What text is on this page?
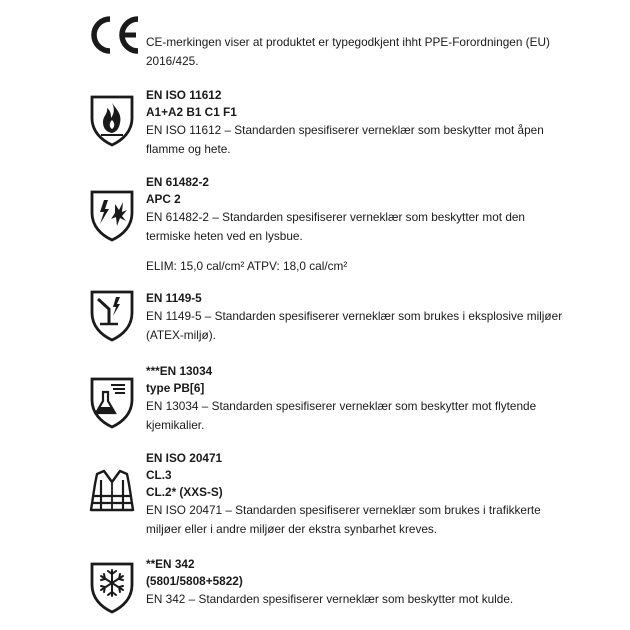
CE-merkingen viser at produktet er typegodkjent ihht PPE-Forordningen (EU) 2016/425.
EN ISO 11612
A1+A2 B1 C1 F1
EN ISO 11612 – Standarden spesifiserer verneklær som beskytter mot åpen flamme og hete.
EN 61482-2
APC 2
EN 61482-2 – Standarden spesifiserer verneklær som beskytter mot den termiske heten ved en lysbue.
ELIM: 15,0 cal/cm² ATPV: 18,0 cal/cm²
EN 1149-5
EN 1149-5 – Standarden spesifiserer verneklær som brukes i eksplosive miljøer (ATEX-miljø).
***EN 13034
type PB[6]
EN 13034 – Standarden spesifiserer verneklær som beskytter mot flytende kjemikalier.
EN ISO 20471
CL.3
CL.2* (XXS-S)
EN ISO 20471 – Standarden spesifiserer verneklær som brukes i trafikkerte miljøer eller i andre miljøer der ekstra synbarhet kreves.
**EN 342
(5801/5808+5822)
EN 342 – Standarden spesifiserer verneklær som beskytter mot kulde.
